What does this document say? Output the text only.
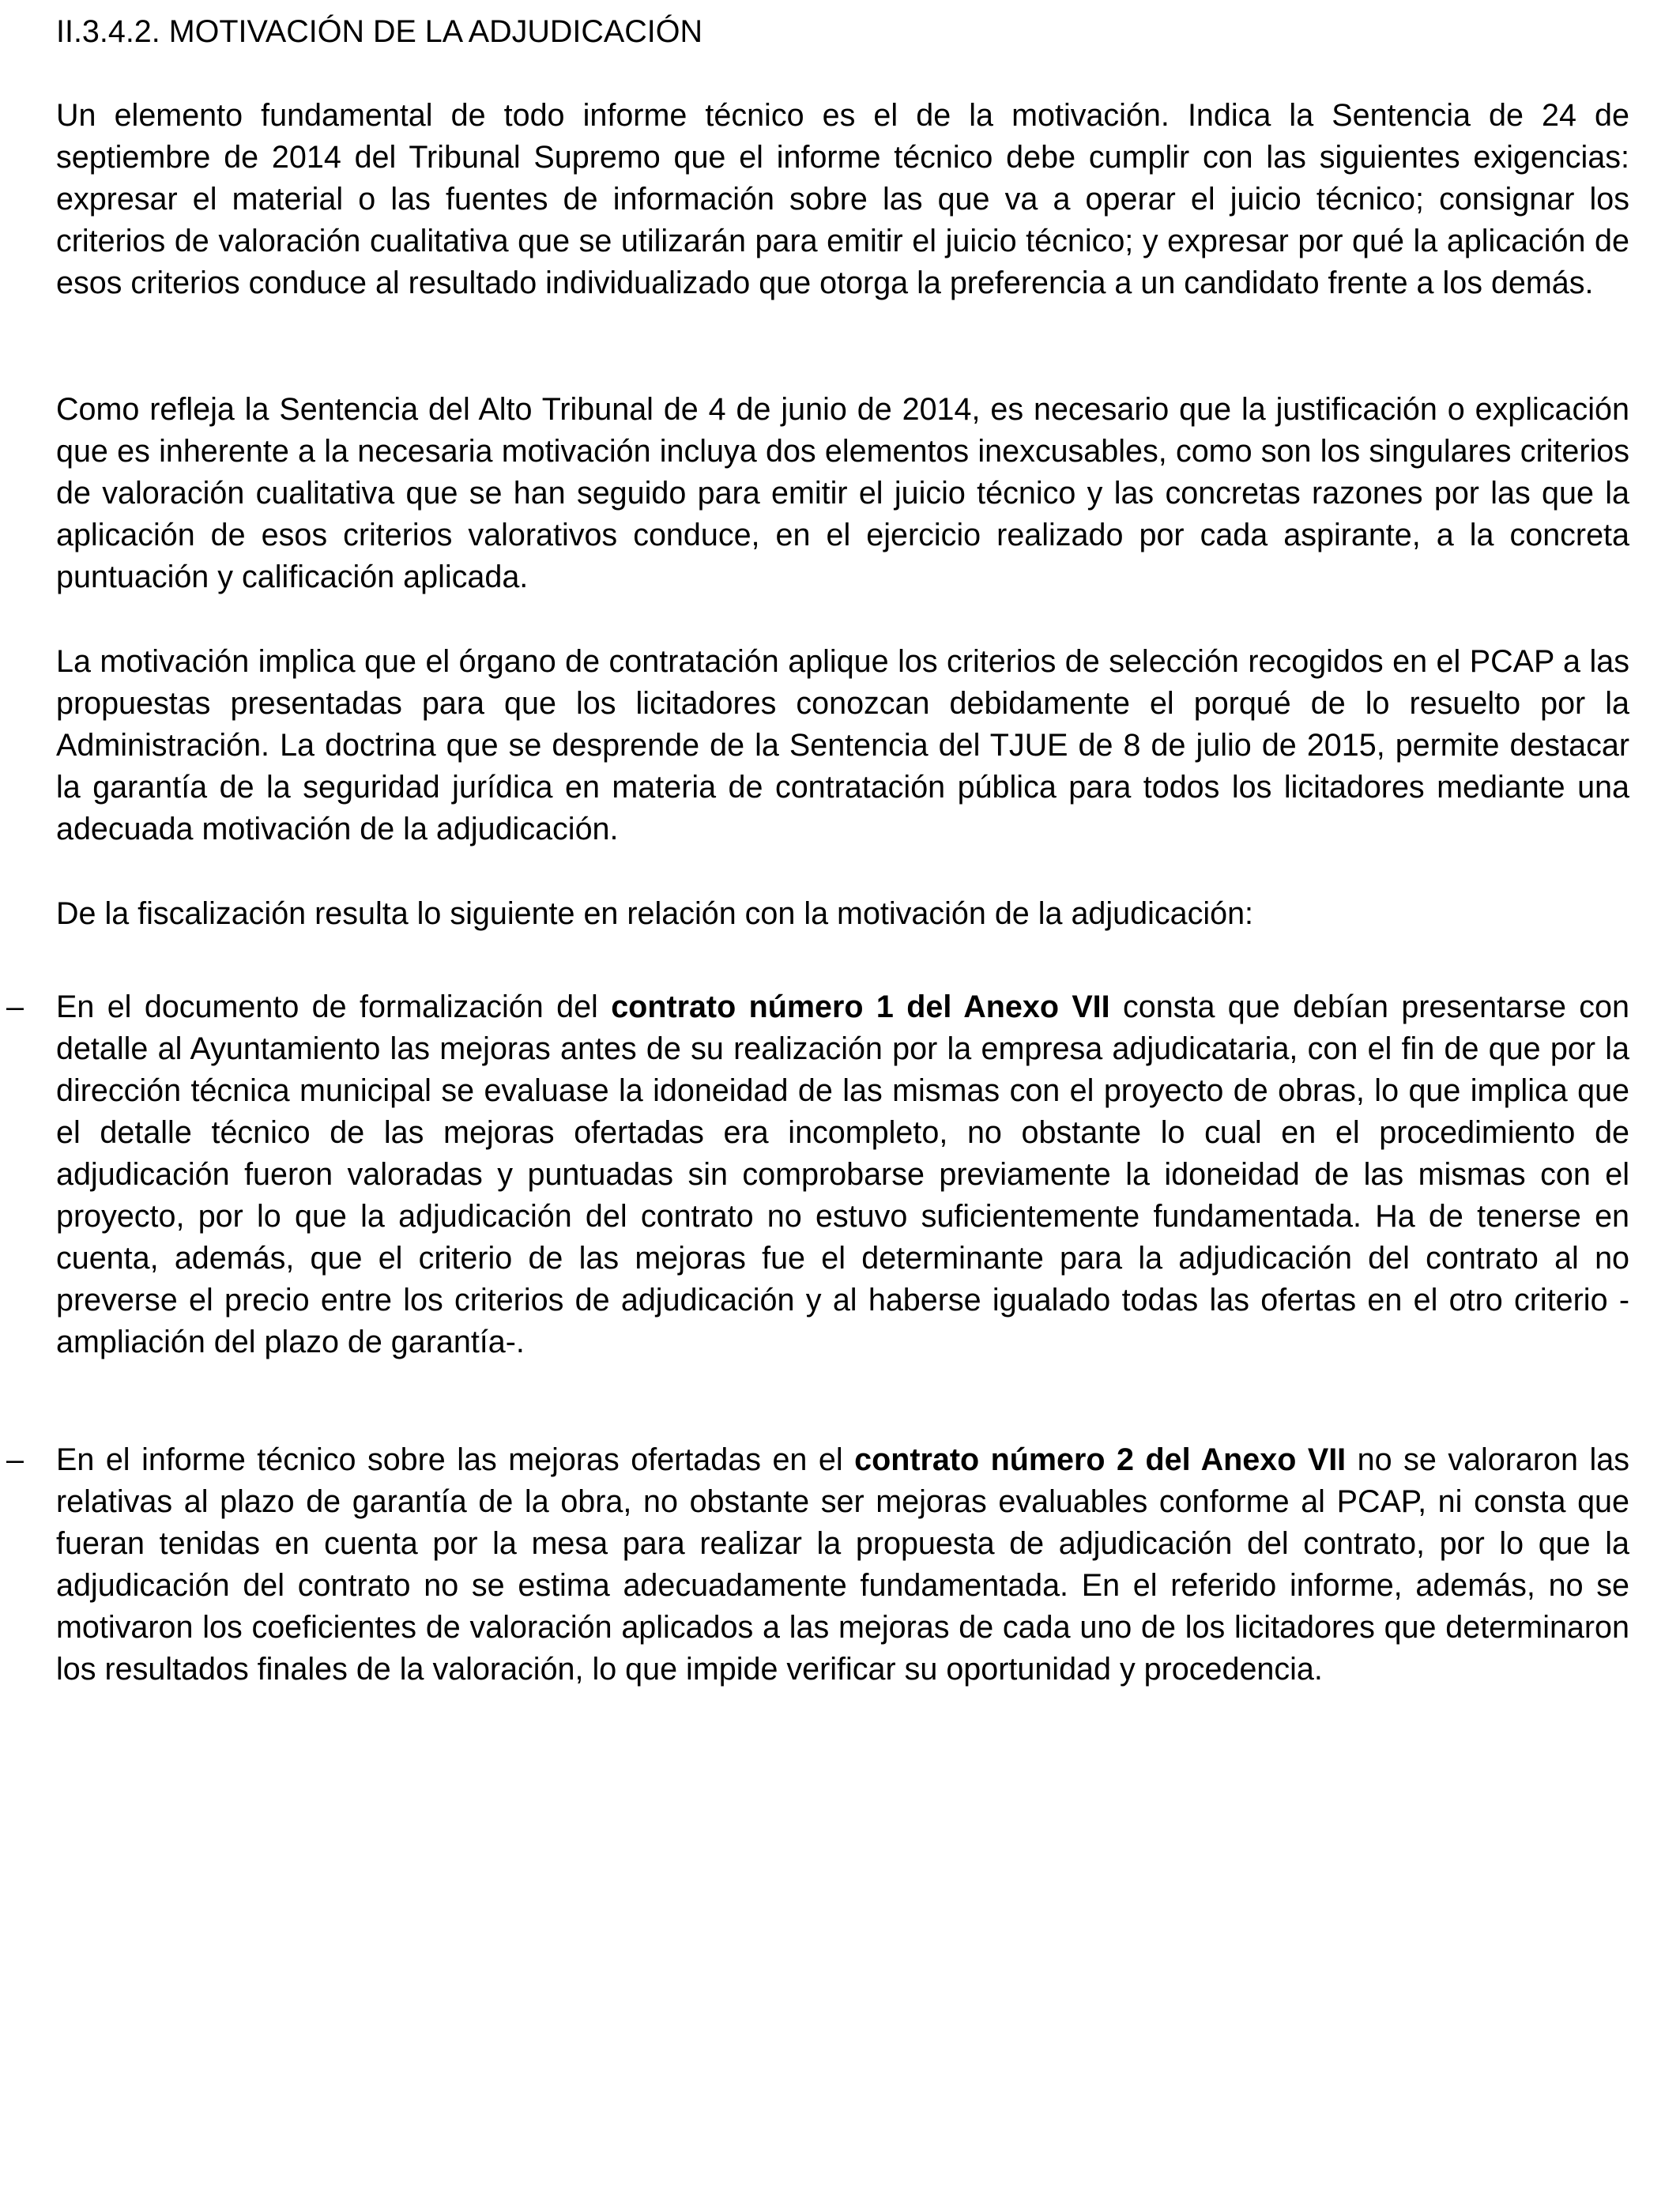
II.3.4.2. MOTIVACIÓN DE LA ADJUDICACIÓN

Un elemento fundamental de todo informe técnico es el de la motivación. Indica la Sentencia de 24 de septiembre de 2014 del Tribunal Supremo que el informe técnico debe cumplir con las siguientes exigencias: expresar el material o las fuentes de información sobre las que va a operar el juicio técnico; consignar los criterios de valoración cualitativa que se utilizarán para emitir el juicio técnico; y expresar por qué la aplicación de esos criterios conduce al resultado individualizado que otorga la preferencia a un candidato frente a los demás.

Como refleja la Sentencia del Alto Tribunal de 4 de junio de 2014, es necesario que la justificación o explicación que es inherente a la necesaria motivación incluya dos elementos inexcusables, como son los singulares criterios de valoración cualitativa que se han seguido para emitir el juicio técnico y las concretas razones por las que la aplicación de esos criterios valorativos conduce, en el ejercicio realizado por cada aspirante, a la concreta puntuación y calificación aplicada.

La motivación implica que el órgano de contratación aplique los criterios de selección recogidos en el PCAP a las propuestas presentadas para que los licitadores conozcan debidamente el porqué de lo resuelto por la Administración. La doctrina que se desprende de la Sentencia del TJUE de 8 de julio de 2015, permite destacar la garantía de la seguridad jurídica en materia de contratación pública para todos los licitadores mediante una adecuada motivación de la adjudicación.

De la fiscalización resulta lo siguiente en relación con la motivación de la adjudicación:

– En el documento de formalización del contrato número 1 del Anexo VII consta que debían presentarse con detalle al Ayuntamiento las mejoras antes de su realización por la empresa adjudicataria, con el fin de que por la dirección técnica municipal se evaluase la idoneidad de las mismas con el proyecto de obras, lo que implica que el detalle técnico de las mejoras ofertadas era incompleto, no obstante lo cual en el procedimiento de adjudicación fueron valoradas y puntuadas sin comprobarse previamente la idoneidad de las mismas con el proyecto, por lo que la adjudicación del contrato no estuvo suficientemente fundamentada. Ha de tenerse en cuenta, además, que el criterio de las mejoras fue el determinante para la adjudicación del contrato al no preverse el precio entre los criterios de adjudicación y al haberse igualado todas las ofertas en el otro criterio -ampliación del plazo de garantía-.

– En el informe técnico sobre las mejoras ofertadas en el contrato número 2 del Anexo VII no se valoraron las relativas al plazo de garantía de la obra, no obstante ser mejoras evaluables conforme al PCAP, ni consta que fueran tenidas en cuenta por la mesa para realizar la propuesta de adjudicación del contrato, por lo que la adjudicación del contrato no se estima adecuadamente fundamentada. En el referido informe, además, no se motivaron los coeficientes de valoración aplicados a las mejoras de cada uno de los licitadores que determinaron los resultados finales de la valoración, lo que impide verificar su oportunidad y procedencia.
